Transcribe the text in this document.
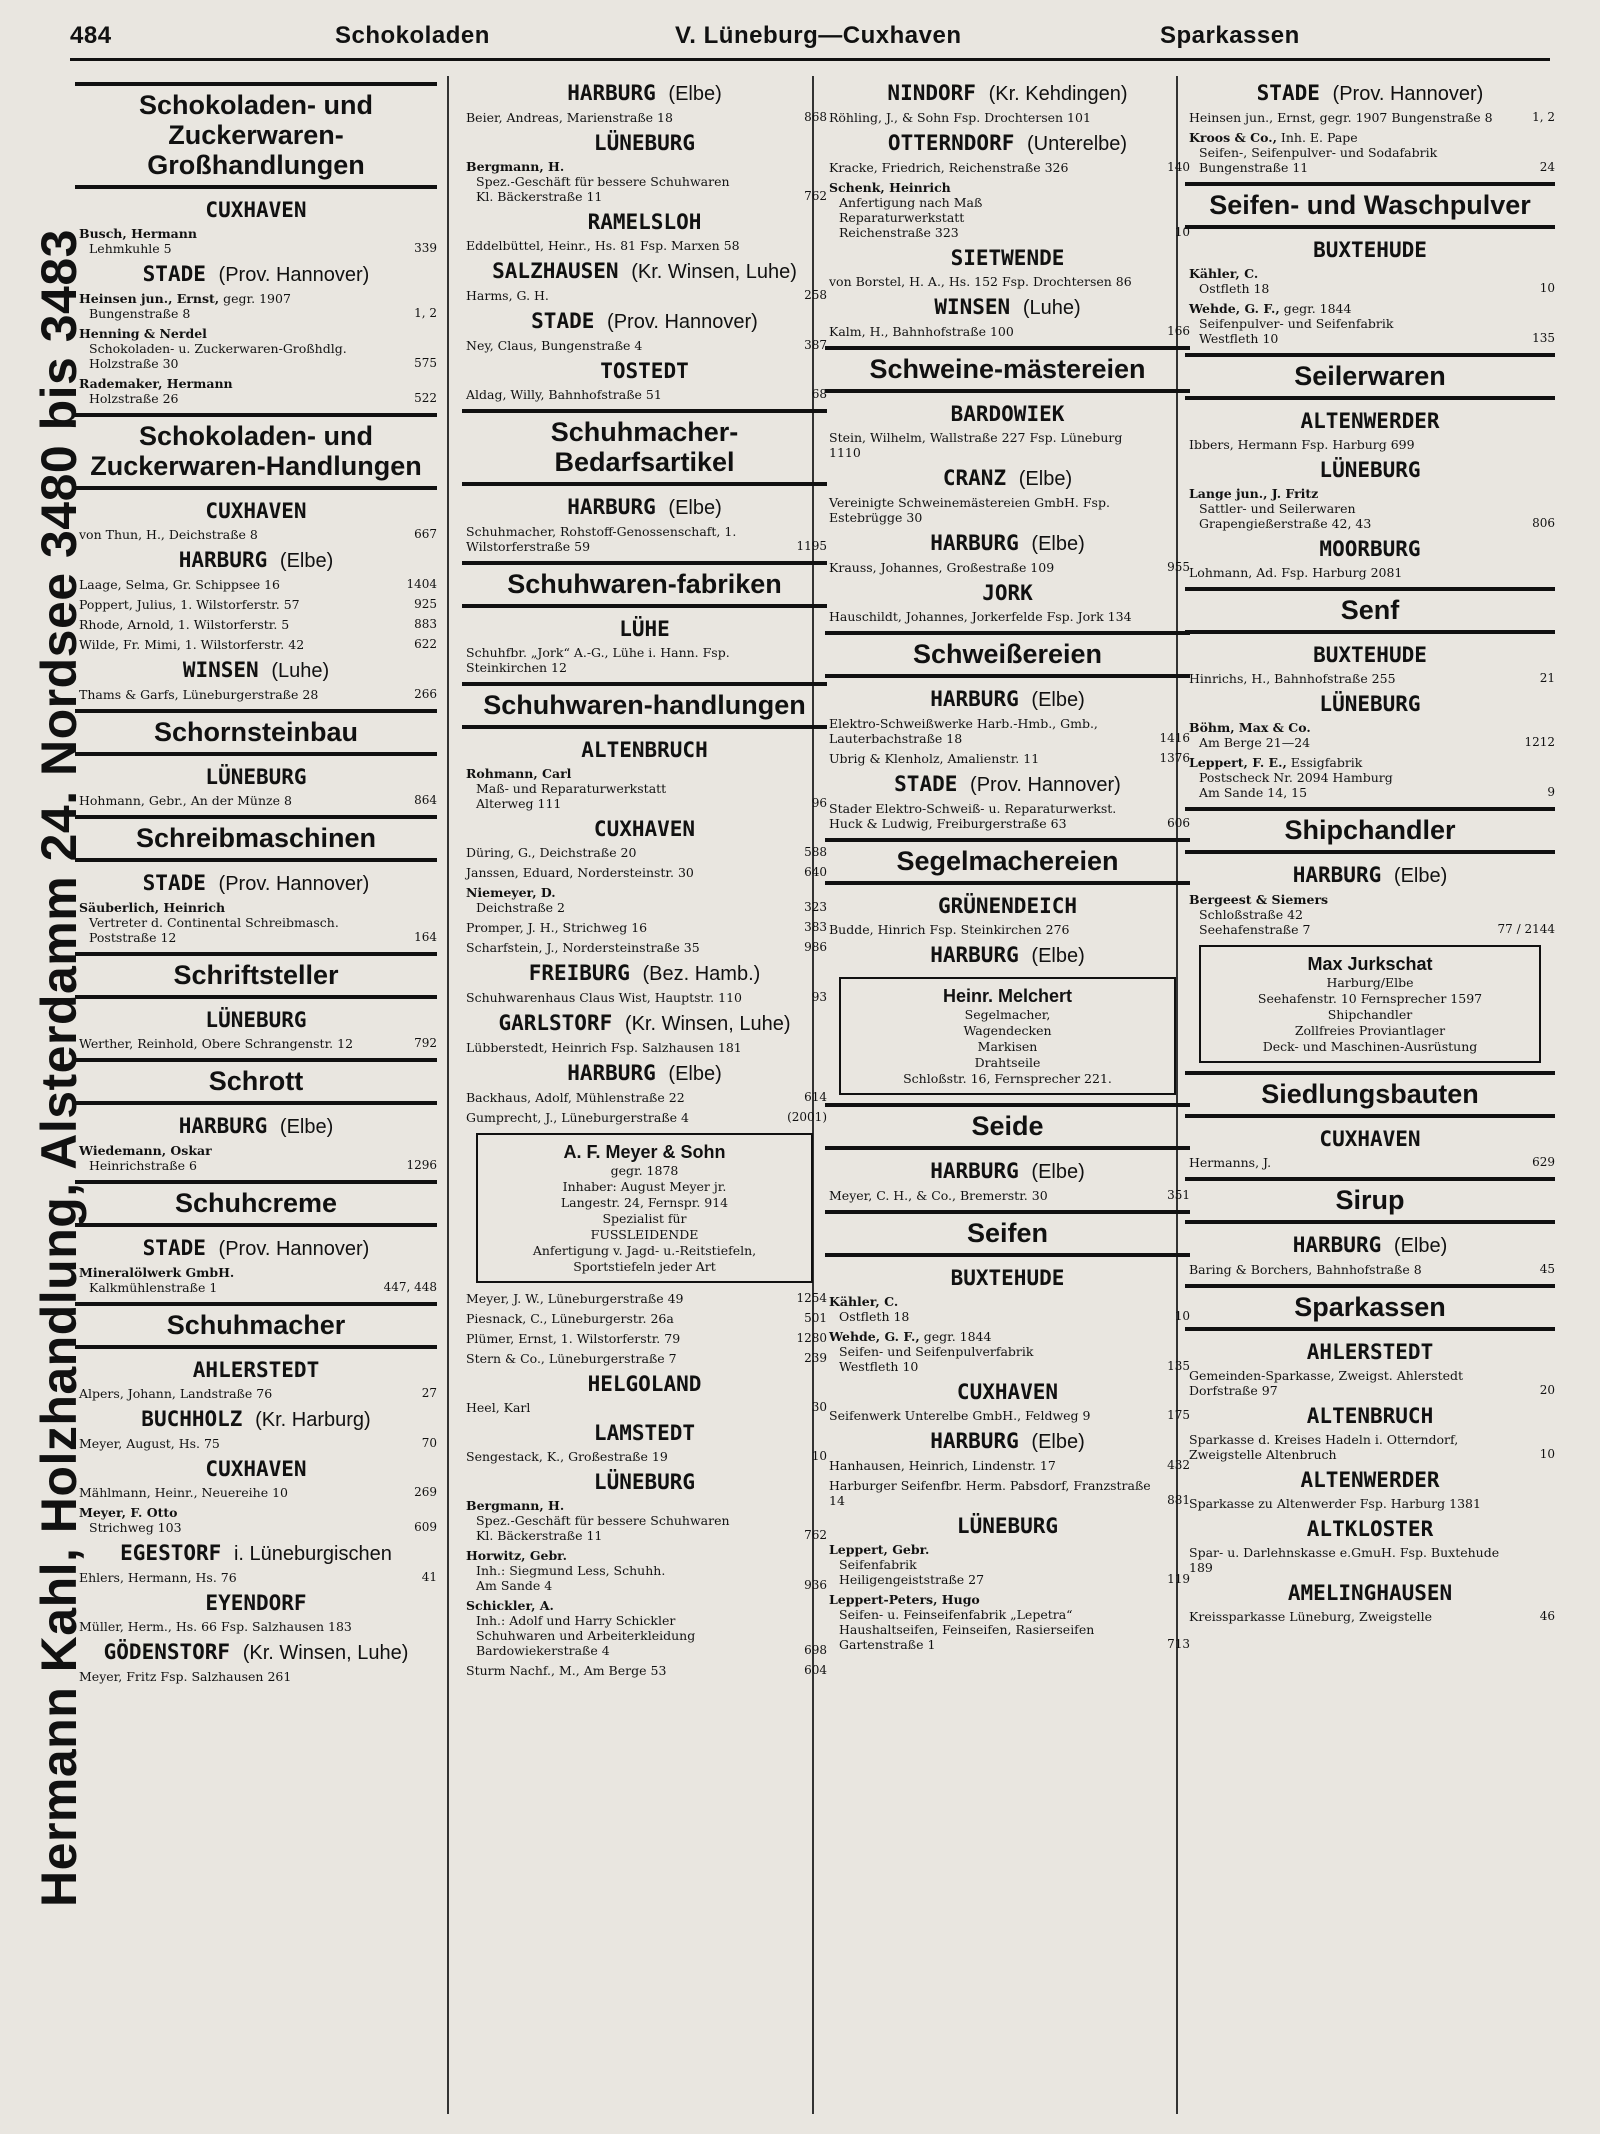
484	Schokoladen	V. Lüneburg—Cuxhaven	Sparkassen
Hermann Kahl, Holzhandlung, Alsterdamm 24. Nordsee 3480 bis 3483
Schokoladen- und Zuckerwaren-Großhandlungen
CUXHAVEN
Busch, Hermann
Lehmkuhle 5	339
STADE (Prov. Hannover)
Heinsen jun., Ernst, gegr. 1907
Bungenstraße 8	1, 2
Henning & Nerdel
Schokoladen- u. Zuckerwaren-Großhdlg.
Holzstraße 30	575
Rademaker, Hermann
Holzstraße 26	522
Schokoladen- und Zuckerwaren-Handlungen
CUXHAVEN
von Thun, H., Deichstraße 8	667
HARBURG (Elbe)
Laage, Selma, Gr. Schippsee 16	1404
Poppert, Julius, 1. Wilstorferstr. 57	925
Rhode, Arnold, 1. Wilstorferstr. 5	883
Wilde, Fr. Mimi, 1. Wilstorferstr. 42	622
WINSEN (Luhe)
Thams & Garfs, Lüneburgerstraße 28	266
Schornsteinbau
LÜNEBURG
Hohmann, Gebr., An der Münze 8	864
Schreibmaschinen
STADE (Prov. Hannover)
Säuberlich, Heinrich
Vertreter d. Continental Schreibmasch.
Poststraße 12	164
Schriftsteller
LÜNEBURG
Werther, Reinhold, Obere Schrangenstr. 12	792
Schrott
HARBURG (Elbe)
Wiedemann, Oskar
Heinrichstraße 6	1296
Schuhcreme
STADE (Prov. Hannover)
Mineralölwerk GmbH.
Kalkmühlenstraße 1	447, 448
Schuhmacher
AHLERSTEDT
Alpers, Johann, Landstraße 76	27
BUCHHOLZ (Kr. Harburg)
Meyer, August, Hs. 75	70
CUXHAVEN
Mählmann, Heinr., Neuereihe 10	269
Meyer, F. Otto
Strichweg 103	609
EGESTORF i. Lüneburgischen
Ehlers, Hermann, Hs. 76	41
EYENDORF
Müller, Herm., Hs. 66 Fsp. Salzhausen 183
GÖDENSTORF (Kr. Winsen, Luhe)
Meyer, Fritz Fsp. Salzhausen 261
HARBURG (Elbe)
Beier, Andreas, Marienstraße 18	868
LÜNEBURG
Bergmann, H.
Spez.-Geschäft für bessere Schuhwaren
Kl. Bäckerstraße 11	762
RAMELSLOH
Eddelbüttel, Heinr., Hs. 81 Fsp. Marxen 58
SALZHAUSEN (Kr. Winsen, Luhe)
Harms, G. H.	258
STADE (Prov. Hannover)
Ney, Claus, Bungenstraße 4	387
TOSTEDT
Aldag, Willy, Bahnhofstraße 51	68
Schuhmacher-Bedarfsartikel
HARBURG (Elbe)
Schuhmacher, Rohstoff-Genossenschaft, 1. Wilstorferstraße 59	1195
Schuhwaren-fabriken
LÜHE
Schuhfbr. „Jork“ A.-G., Lühe i. Hann. Fsp. Steinkirchen 12
Schuhwaren-handlungen
ALTENBRUCH
Rohmann, Carl
Maß- und Reparaturwerkstatt
Alterweg 111	96
CUXHAVEN
Düring, G., Deichstraße 20	588
Janssen, Eduard, Nordersteinstr. 30	640
Niemeyer, D.
Deichstraße 2	323
Promper, J. H., Strichweg 16	383
Scharfstein, J., Nordersteinstraße 35	986
FREIBURG (Bez. Hamb.)
Schuhwarenhaus Claus Wist, Hauptstr. 110	93
GARLSTORF (Kr. Winsen, Luhe)
Lübberstedt, Heinrich Fsp. Salzhausen 181
HARBURG (Elbe)
Backhaus, Adolf, Mühlenstraße 22	614
Gumprecht, J., Lüneburgerstraße 4	(2001)
A. F. Meyer & Sohn
gegr. 1878
Inhaber: August Meyer jr.
Langestr. 24, Fernspr. 914
Spezialist für
FUSSLEIDENDE
Anfertigung v. Jagd- u.-Reitstiefeln,
Sportstiefeln jeder Art
Meyer, J. W., Lüneburgerstraße 49	1254
Piesnack, C., Lüneburgerstr. 26a	501
Plümer, Ernst, 1. Wilstorferstr. 79	1280
Stern & Co., Lüneburgerstraße 7	239
HELGOLAND
Heel, Karl	30
LAMSTEDT
Sengestack, K., Großestraße 19	10
LÜNEBURG
Bergmann, H.
Spez.-Geschäft für bessere Schuhwaren
Kl. Bäckerstraße 11	762
Horwitz, Gebr.
Inh.: Siegmund Less, Schuhh.
Am Sande 4	936
Schickler, A.
Inh.: Adolf und Harry Schickler
Schuhwaren und Arbeiterkleidung
Bardowiekerstraße 4	698
Sturm Nachf., M., Am Berge 53	604
NINDORF (Kr. Kehdingen)
Röhling, J., & Sohn Fsp. Drochtersen 101
OTTERNDORF (Unterelbe)
Kracke, Friedrich, Reichenstraße 326	140
Schenk, Heinrich
Anfertigung nach Maß
Reparaturwerkstatt
Reichenstraße 323	10
SIETWENDE
von Borstel, H. A., Hs. 152 Fsp. Drochtersen 86
WINSEN (Luhe)
Kalm, H., Bahnhofstraße 100	166
Schweine-mästereien
BARDOWIEK
Stein, Wilhelm, Wallstraße 227 Fsp. Lüneburg 1110
CRANZ (Elbe)
Vereinigte Schweinemästereien GmbH. Fsp. Estebrügge 30
HARBURG (Elbe)
Krauss, Johannes, Großestraße 109	955
JORK
Hauschildt, Johannes, Jorkerfelde Fsp. Jork 134
Schweißereien
HARBURG (Elbe)
Elektro-Schweißwerke Harb.-Hmb., Gmb., Lauterbachstraße 18	1416
Ubrig & Klenholz, Amalienstr. 11	1376
STADE (Prov. Hannover)
Stader Elektro-Schweiß- u. Reparaturwerkst. Huck & Ludwig, Freiburgerstraße 63	606
Segelmachereien
GRÜNENDEICH
Budde, Hinrich Fsp. Steinkirchen 276
HARBURG (Elbe)
Heinr. Melchert
Segelmacher,
Wagendecken
Markisen
Drahtseile
Schloßstr. 16, Fernsprecher 221.
Seide
HARBURG (Elbe)
Meyer, C. H., & Co., Bremerstr. 30	351
Seifen
BUXTEHUDE
Kähler, C.
Ostfleth 18	10
Wehde, G. F., gegr. 1844
Seifen- und Seifenpulverfabrik
Westfleth 10	135
CUXHAVEN
Seifenwerk Unterelbe GmbH., Feldweg 9	175
HARBURG (Elbe)
Hanhausen, Heinrich, Lindenstr. 17	432
Harburger Seifenfbr. Herm. Pabsdorf, Franzstraße 14	881
LÜNEBURG
Leppert, Gebr.
Seifenfabrik
Heiligengeiststraße 27	119
Leppert-Peters, Hugo
Seifen- u. Feinseifenfabrik „Lepetra“
Haushaltseifen, Feinseifen, Rasierseifen
Gartenstraße 1	713
STADE (Prov. Hannover)
Heinsen jun., Ernst, gegr. 1907 Bungenstraße 8	1, 2
Kroos & Co., Inh. E. Pape
Seifen-, Seifenpulver- und Sodafabrik
Bungenstraße 11	24
Seifen- und Waschpulver
BUXTEHUDE
Kähler, C.
Ostfleth 18	10
Wehde, G. F., gegr. 1844
Seifenpulver- und Seifenfabrik
Westfleth 10	135
Seilerwaren
ALTENWERDER
Ibbers, Hermann Fsp. Harburg 699
LÜNEBURG
Lange jun., J. Fritz
Sattler- und Seilerwaren
Grapengießerstraße 42, 43	806
MOORBURG
Lohmann, Ad. Fsp. Harburg 2081
Senf
BUXTEHUDE
Hinrichs, H., Bahnhofstraße 255	21
LÜNEBURG
Böhm, Max & Co.
Am Berge 21—24	1212
Leppert, F. E., Essigfabrik
Postscheck Nr. 2094 Hamburg
Am Sande 14, 15	9
Shipchandler
HARBURG (Elbe)
Bergeest & Siemers
Schloßstraße 42
Seehafenstraße 7	77 / 2144
Max Jurkschat
Harburg/Elbe
Seehafenstr. 10 Fernsprecher 1597
Shipchandler
Zollfreies Proviantlager
Deck- und Maschinen-Ausrüstung
Siedlungsbauten
CUXHAVEN
Hermanns, J.	629
Sirup
HARBURG (Elbe)
Baring & Borchers, Bahnhofstraße 8	45
Sparkassen
AHLERSTEDT
Gemeinden-Sparkasse, Zweigst. Ahlerstedt Dorfstraße 97	20
ALTENBRUCH
Sparkasse d. Kreises Hadeln i. Otterndorf, Zweigstelle Altenbruch	10
ALTENWERDER
Sparkasse zu Altenwerder Fsp. Harburg 1381
ALTKLOSTER
Spar- u. Darlehnskasse e.GmuH. Fsp. Buxtehude 189
AMELINGHAUSEN
Kreissparkasse Lüneburg, Zweigstelle	46
